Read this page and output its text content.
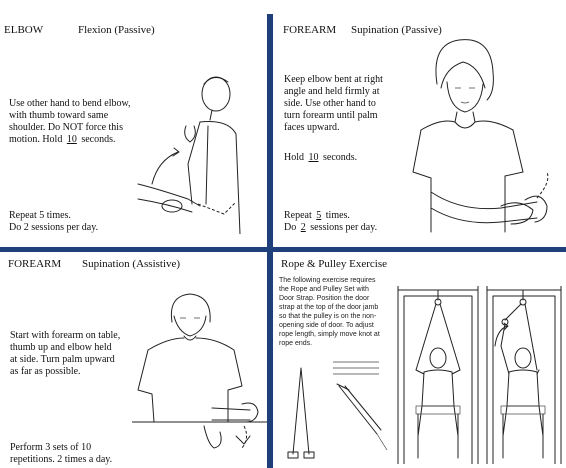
ELBOW	Flexion (Passive)
Use other hand to bend elbow,
with thumb toward same
shoulder. Do NOT force this
motion. Hold 10 seconds.
Repeat 5 times.
Do 2 sessions per day.
FOREARM Supination (Passive)
Keep elbow bent at right
angle and held firmly at
side. Use other hand to
turn forearm until palm
faces upward.
Hold 10 seconds.
Repeat 5 times.
Do 2 sessions per day.
FOREARM Supination (Assistive)
Start with forearm on table,
thumb up and elbow held
at side. Turn palm upward
as far as possible.
Perform 3 sets of 10
repetitions. 2 times a day.
Rope & Pulley Exercise
The following exercise requires
the Rope and Pulley Set with
Door Strap. Position the door
strap at the top of the door jamb
so that the pulley is on the non-
opening side of door. To adjust
rope length, simply move knot at
rope ends.
